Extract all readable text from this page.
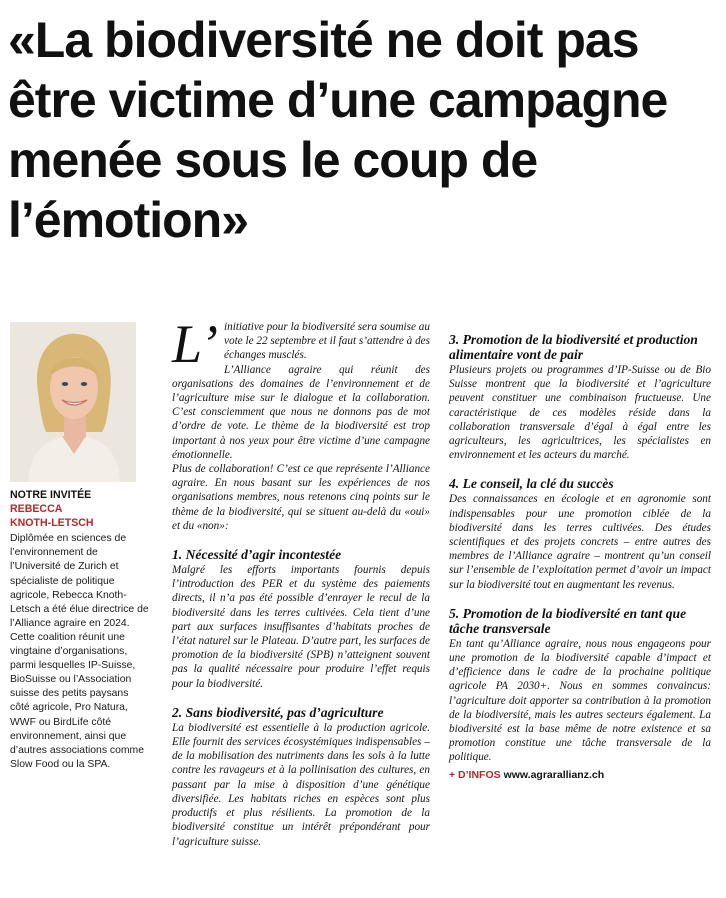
«La biodiversité ne doit pas être victime d’une campagne menée sous le coup de l’émotion»
NOTRE INVITÉE
REBECCA
KNOTH-LETSCH
Diplômée en sciences de l’environnement de l’Université de Zurich et spécialiste de politique agricole, Rebecca Knoth-Letsch a été élue directrice de l’Alliance agraire en 2024. Cette coalition réunit une vingtaine d’organisations, parmi lesquelles IP-Suisse, BioSuisse ou l’Association suisse des petits paysans côté agricole, Pro Natura, WWF ou BirdLife côté environnement, ainsi que d’autres associations comme Slow Food ou la SPA.

L’ initiative pour la biodiversité sera soumise au vote le 22 septembre et il faut s’attendre à des échanges musclés.

L’Alliance agraire qui réunit des organisations des domaines de l’environnement et de l’agriculture mise sur le dialogue et la collaboration. C’est consciemment que nous ne donnons pas de mot d’ordre de vote. Le thème de la biodiversité est trop important à nos yeux pour être victime d’une campagne émotionnelle.

Plus de collaboration! C’est ce que représente l’Alliance agraire. En nous basant sur les expériences de nos organisations membres, nous retenons cinq points sur le thème de la biodiversité, qui se situent au-delà du «oui» et du «non»:

1. Nécessité d’agir incontestée

Malgré les efforts importants fournis depuis l’introduction des PER et du système des paiements directs, il n’a pas été possible d’enrayer le recul de la biodiversité dans les terres cultivées. Cela tient d’une part aux surfaces insuffisantes d’habitats proches de l’état naturel sur le Plateau. D’autre part, les surfaces de promotion de la biodiversité (SPB) n’atteignent souvent pas la qualité nécessaire pour produire l’effet requis pour la biodiversité.

2. Sans biodiversité, pas d’agriculture

La biodiversité est essentielle à la production agricole. Elle fournit des services écosystémiques indispensables – de la mobilisation des nutriments dans les sols à la lutte contre les ravageurs et à la pollinisation des cultures, en passant par la mise à disposition d’une génétique diversifiée. Les habitats riches en espèces sont plus productifs et plus résilients. La promotion de la biodiversité constitue un intérêt prépondérant pour l’agriculture suisse.

3. Promotion de la biodiversité et production alimentaire vont de pair

Plusieurs projets ou programmes d’IP-Suisse ou de Bio Suisse montrent que la biodiversité et l’agriculture peuvent constituer une combinaison fructueuse. Une caractéristique de ces modèles réside dans la collaboration transversale d’égal à égal entre les agriculteurs, les agricultrices, les spécialistes en environnement et les acteurs du marché.

4. Le conseil, la clé du succès

Des connaissances en écologie et en agronomie sont indispensables pour une promotion ciblée de la biodiversité dans les terres cultivées. Des études scientifiques et des projets concrets – entre autres des membres de l’Alliance agraire – montrent qu’un conseil sur l’ensemble de l’exploitation permet d’avoir un impact sur la biodiversité tout en augmentant les revenus.

5. Promotion de la biodiversité en tant que tâche transversale

En tant qu’Alliance agraire, nous nous engageons pour une promotion de la biodiversité capable d’impact et d’efficience dans le cadre de la prochaine politique agricole PA 2030+. Nous en sommes convaincus: l’agriculture doit apporter sa contribution à la promotion de la biodiversité, mais les autres secteurs également. La biodiversité est la base même de notre existence et sa promotion constitue une tâche transversale de la politique.

+ D’INFOS www.agrarallianz.ch
